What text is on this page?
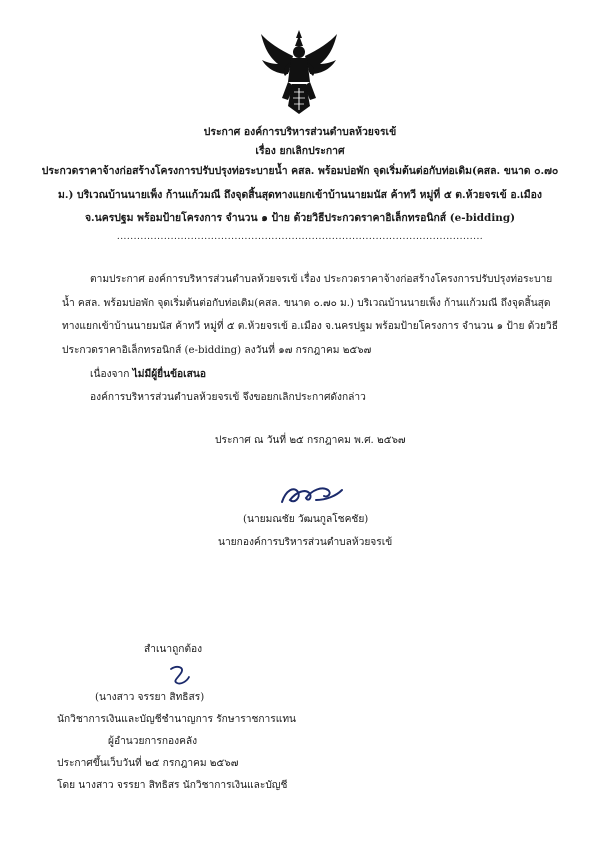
ประกาศ องค์การบริหารส่วนตำบลห้วยจรเข้
เรื่อง ยกเลิกประกาศ
ประกวดราคาจ้างก่อสร้างโครงการปรับปรุงท่อระบายน้ำ คสล. พร้อมบ่อพัก จุดเริ่มต้นต่อกับท่อเดิม(คสล. ขนาด ๐.๗๐
ม.) บริเวณบ้านนายเพ็ง ก้านแก้วมณี ถึงจุดสิ้นสุดทางแยกเข้าบ้านนายมนัส ค้าทวี หมู่ที่ ๕ ต.ห้วยจรเข้ อ.เมือง
จ.นครปฐม พร้อมป้ายโครงการ จำนวน ๑ ป้าย ด้วยวิธีประกวดราคาอิเล็กทรอนิกส์ (e-bidding)
.............................................................................................................
ตามประกาศ องค์การบริหารส่วนตำบลห้วยจรเข้ เรื่อง ประกวดราคาจ้างก่อสร้างโครงการปรับปรุงท่อระบาย
น้ำ คสล. พร้อมบ่อพัก จุดเริ่มต้นต่อกับท่อเดิม(คสล. ขนาด ๐.๗๐ ม.) บริเวณบ้านนายเพ็ง ก้านแก้วมณี ถึงจุดสิ้นสุด
ทางแยกเข้าบ้านนายมนัส ค้าทวี หมู่ที่ ๕ ต.ห้วยจรเข้ อ.เมือง จ.นครปฐม พร้อมป้ายโครงการ จำนวน ๑ ป้าย ด้วยวิธี
ประกวดราคาอิเล็กทรอนิกส์ (e-bidding) ลงวันที่ ๑๗ กรกฎาคม ๒๕๖๗
เนื่องจาก ไม่มีผู้ยื่นข้อเสนอ
องค์การบริหารส่วนตำบลห้วยจรเข้ จึงขอยกเลิกประกาศดังกล่าว
ประกาศ ณ วันที่ ๒๕ กรกฎาคม พ.ศ. ๒๕๖๗
(นายมณชัย วัฒนกูลโชคชัย)
นายกองค์การบริหารส่วนตำบลห้วยจรเข้
สำเนาถูกต้อง
(นางสาว จรรยา สิทธิสร)
นักวิชาการเงินและบัญชีชำนาญการ รักษาราชการแทน
ผู้อำนวยการกองคลัง
ประกาศขึ้นเว็บวันที่ ๒๕ กรกฎาคม ๒๕๖๗
โดย นางสาว จรรยา สิทธิสร นักวิชาการเงินและบัญชี
